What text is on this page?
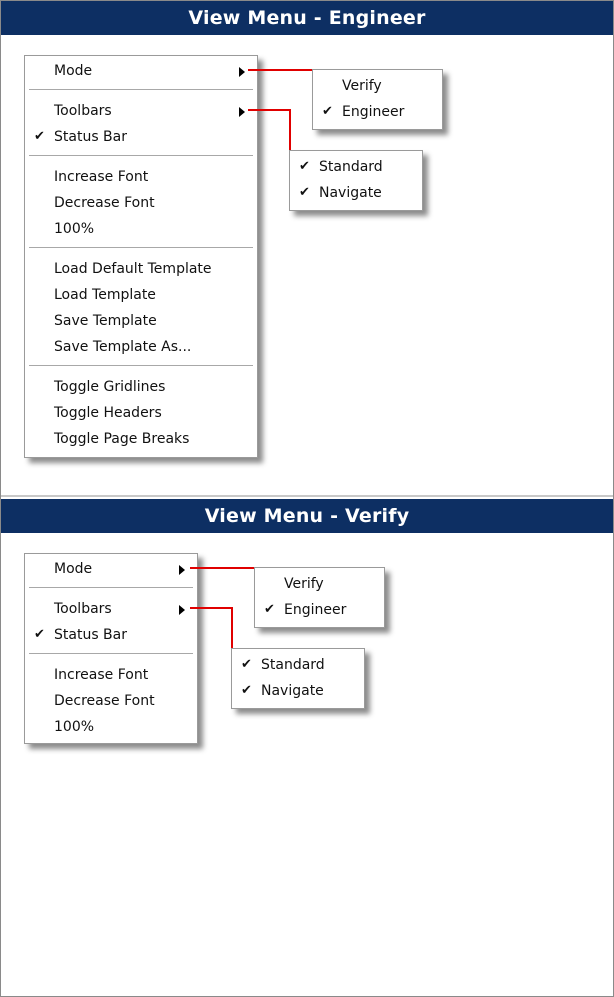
View Menu - Engineer
Mode
Toolbars
✔ Status Bar
Increase Font
Decrease Font
100%
Load Default Template
Load Template
Save Template
Save Template As...
Toggle Gridlines
Toggle Headers
Toggle Page Breaks
Verify
✔ Engineer
✔ Standard
✔ Navigate
View Menu - Verify
Mode
Toolbars
✔ Status Bar
Increase Font
Decrease Font
100%
Verify
✔ Engineer
✔ Standard
✔ Navigate
